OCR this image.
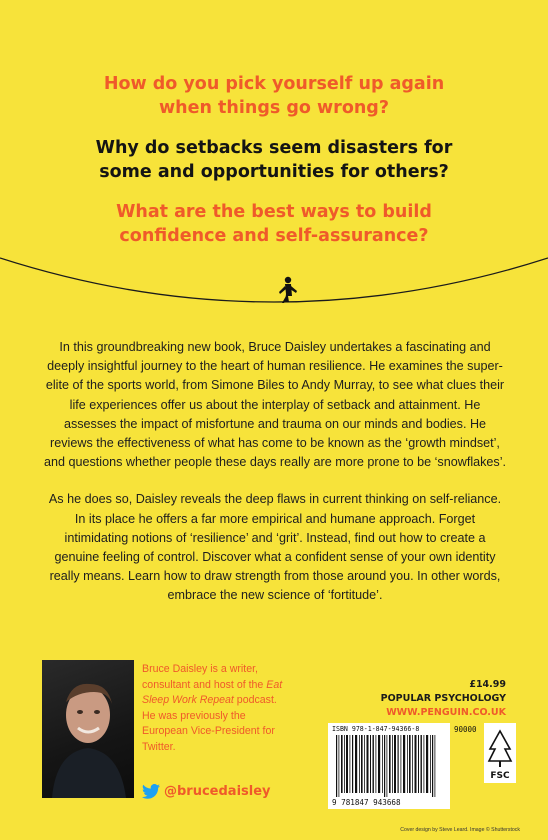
How do you pick yourself up again when things go wrong?
Why do setbacks seem disasters for some and opportunities for others?
What are the best ways to build confidence and self-assurance?

In this groundbreaking new book, Bruce Daisley undertakes a fascinating and deeply insightful journey to the heart of human resilience. He examines the super-elite of the sports world, from Simone Biles to Andy Murray, to see what clues their life experiences offer us about the interplay of setback and attainment. He assesses the impact of misfortune and trauma on our minds and bodies. He reviews the effectiveness of what has come to be known as the ‘growth mindset’, and questions whether people these days really are more prone to be ‘snowflakes’.

As he does so, Daisley reveals the deep flaws in current thinking on self-reliance. In its place he offers a far more empirical and humane approach. Forget intimidating notions of ‘resilience’ and ‘grit’. Instead, find out how to create a genuine feeling of control. Discover what a confident sense of your own identity really means. Learn how to draw strength from those around you. In other words, embrace the new science of ‘fortitude’.

Bruce Daisley is a writer, consultant and host of the Eat Sleep Work Repeat podcast. He was previously the European Vice-President for Twitter.
@brucedaisley
£14.99
POPULAR PSYCHOLOGY
WWW.PENGUIN.CO.UK
ISBN 978-1-847-94366-8
9 781847 943668
90000
FSC
Cover design by Steve Leard. Image © Shutterstock
